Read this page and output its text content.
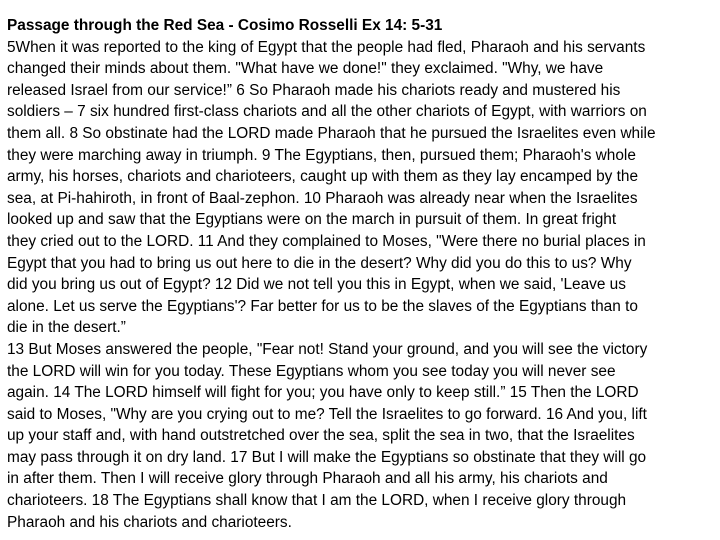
Passage through the Red Sea - Cosimo Rosselli Ex 14: 5-31

5When it was reported to the king of Egypt that the people had fled, Pharaoh and his servants
changed their minds about them. "What have we done!" they exclaimed. "Why, we have
released Israel from our service!” 6 So Pharaoh made his chariots ready and mustered his
soldiers – 7 six hundred first-class chariots and all the other chariots of Egypt, with warriors on
them all. 8 So obstinate had the LORD made Pharaoh that he pursued the Israelites even while
they were marching away in triumph. 9 The Egyptians, then, pursued them; Pharaoh's whole
army, his horses, chariots and charioteers, caught up with them as they lay encamped by the
sea, at Pi-hahiroth, in front of Baal-zephon. 10 Pharaoh was already near when the Israelites
looked up and saw that the Egyptians were on the march in pursuit of them. In great fright
they cried out to the LORD. 11 And they complained to Moses, "Were there no burial places in
Egypt that you had to bring us out here to die in the desert? Why did you do this to us? Why
did you bring us out of Egypt? 12 Did we not tell you this in Egypt, when we said, 'Leave us
alone. Let us serve the Egyptians'? Far better for us to be the slaves of the Egyptians than to
die in the desert.”

13 But Moses answered the people, "Fear not! Stand your ground, and you will see the victory
the LORD will win for you today. These Egyptians whom you see today you will never see
again. 14 The LORD himself will fight for you; you have only to keep still.” 15 Then the LORD
said to Moses, "Why are you crying out to me? Tell the Israelites to go forward. 16 And you, lift
up your staff and, with hand outstretched over the sea, split the sea in two, that the Israelites
may pass through it on dry land. 17 But I will make the Egyptians so obstinate that they will go
in after them. Then I will receive glory through Pharaoh and all his army, his chariots and
charioteers. 18 The Egyptians shall know that I am the LORD, when I receive glory through
Pharaoh and his chariots and charioteers.
